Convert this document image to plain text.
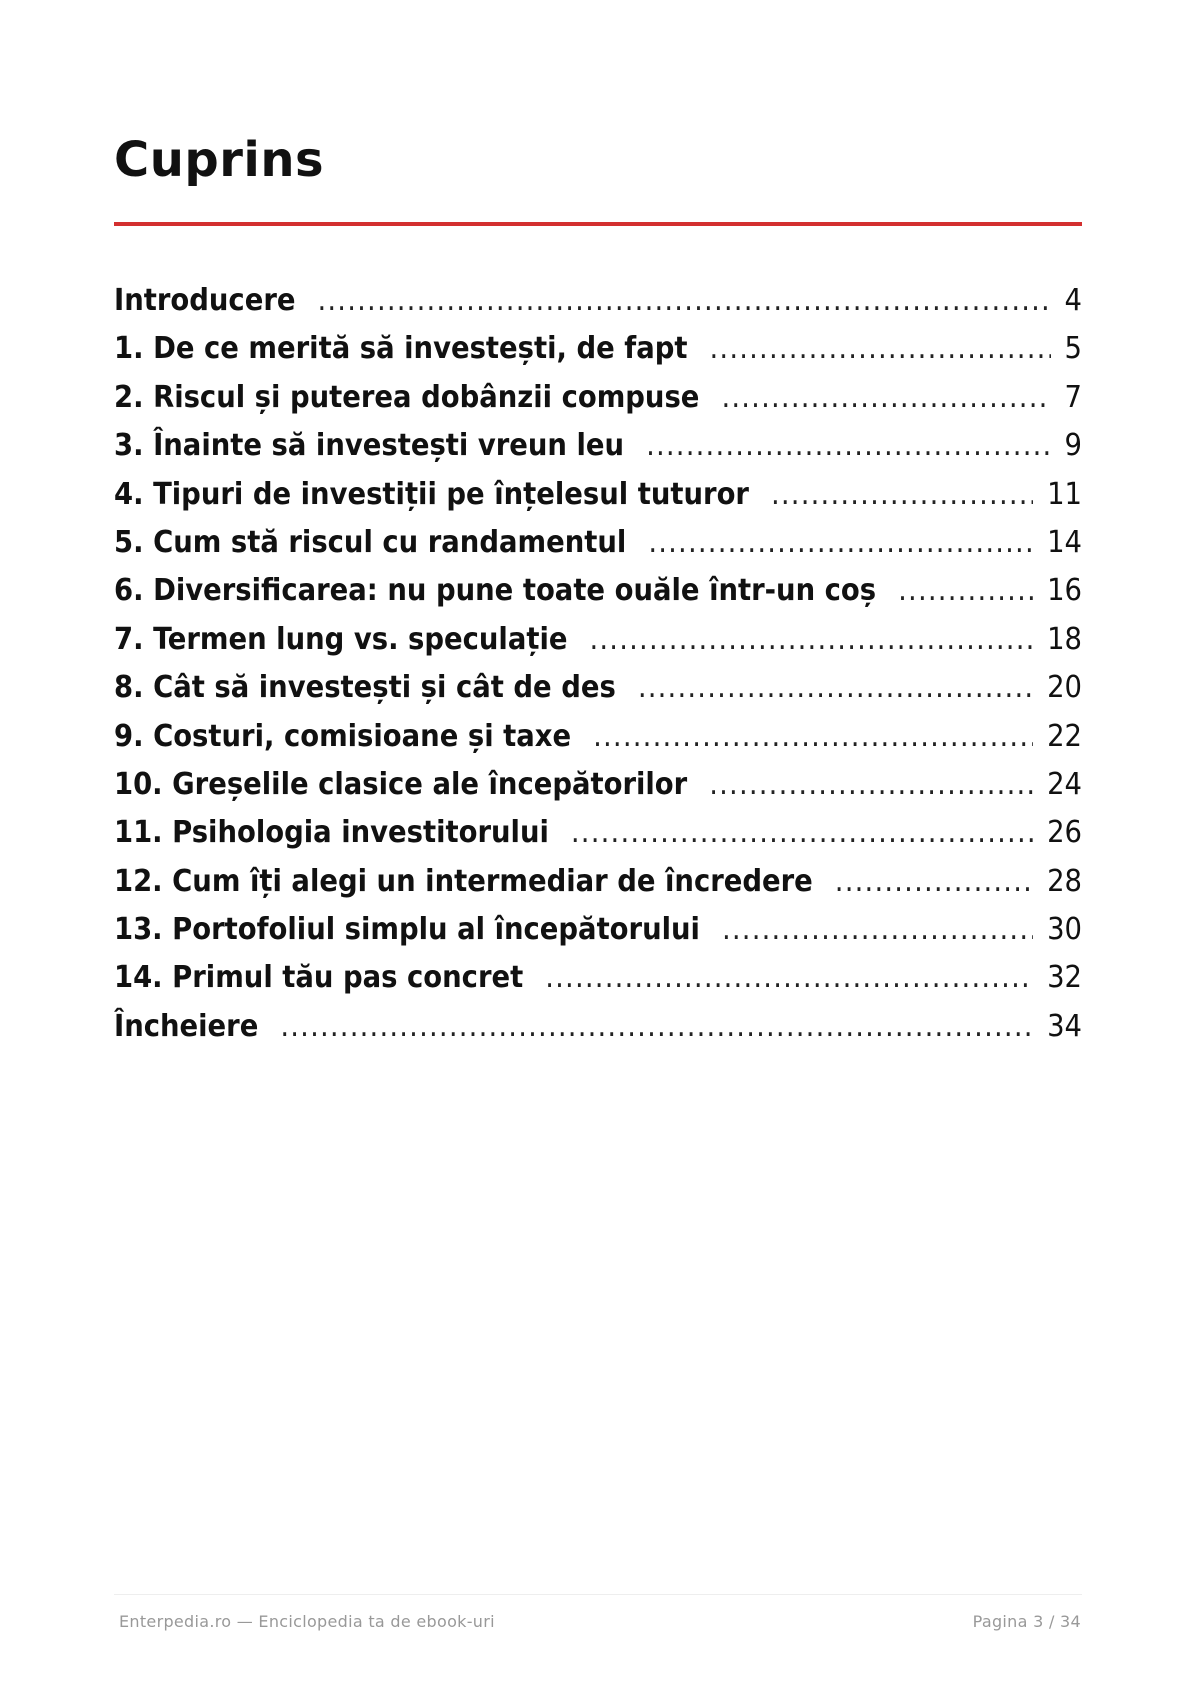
Cuprins
Introducere .....	4
1. De ce merită să investești, de fapt .....	5
2. Riscul și puterea dobânzii compuse .....	7
3. Înainte să investești vreun leu .....	9
4. Tipuri de investiții pe înțelesul tuturor .....	11
5. Cum stă riscul cu randamentul .....	14
6. Diversificarea: nu pune toate ouăle într-un coș .....	16
7. Termen lung vs. speculație .....	18
8. Cât să investești și cât de des .....	20
9. Costuri, comisioane și taxe .....	22
10. Greșelile clasice ale începătorilor .....	24
11. Psihologia investitorului .....	26
12. Cum îți alegi un intermediar de încredere .....	28
13. Portofoliul simplu al începătorului .....	30
14. Primul tău pas concret .....	32
Încheiere .....	34
Enterpedia.ro — Enciclopedia ta de ebook-uri	Pagina 3 / 34
